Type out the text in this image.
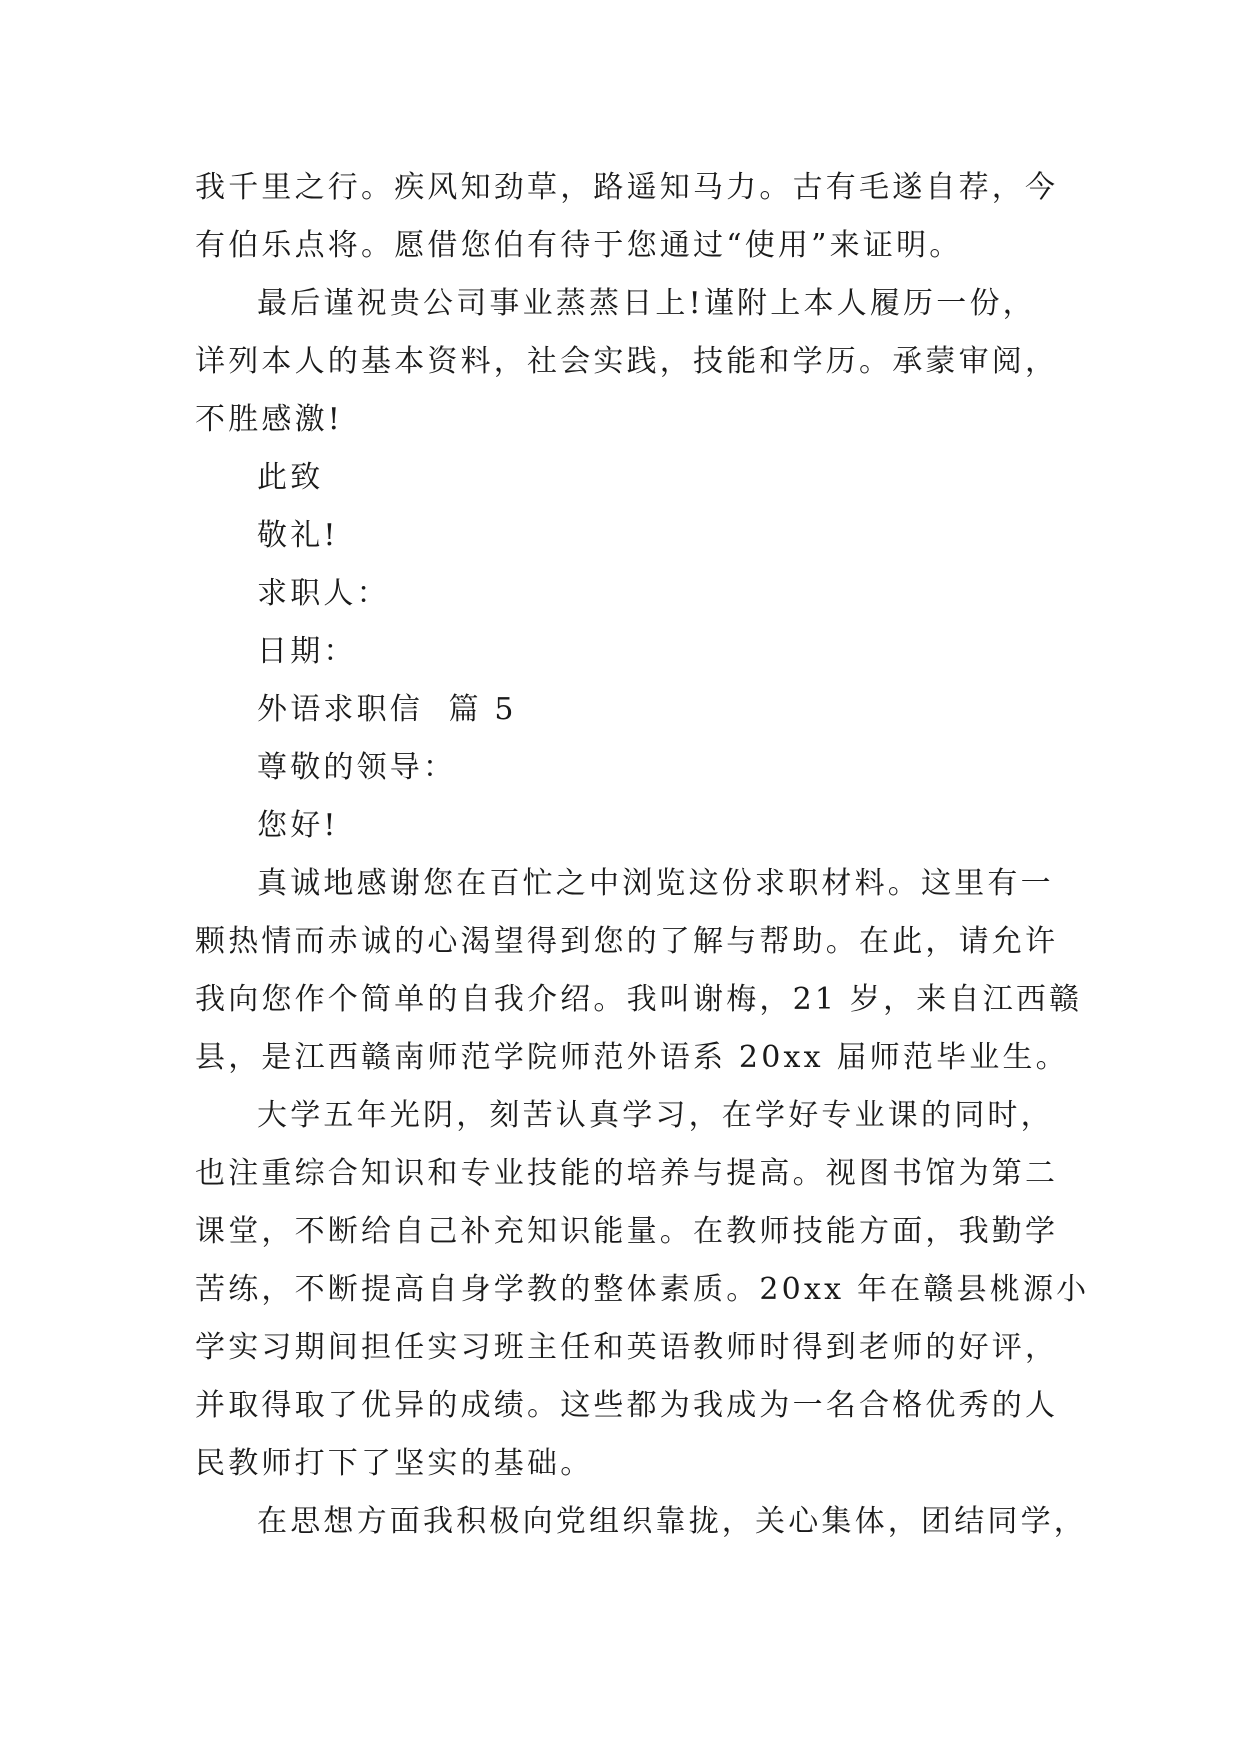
我千里之行。疾风知劲草，路遥知马力。古有毛遂自荐，今
有伯乐点将。愿借您伯有待于您通过“使用”来证明。
最后谨祝贵公司事业蒸蒸日上!谨附上本人履历一份，
详列本人的基本资料，社会实践，技能和学历。承蒙审阅，
不胜感激!
此致
敬礼!
求职人：
日期：
外语求职信  篇 5
尊敬的领导：
您好!
真诚地感谢您在百忙之中浏览这份求职材料。这里有一
颗热情而赤诚的心渴望得到您的了解与帮助。在此，请允许
我向您作个简单的自我介绍。我叫谢梅，21 岁，来自江西赣
县，是江西赣南师范学院师范外语系 20xx 届师范毕业生。
大学五年光阴，刻苦认真学习，在学好专业课的同时，
也注重综合知识和专业技能的培养与提高。视图书馆为第二
课堂，不断给自己补充知识能量。在教师技能方面，我勤学
苦练，不断提高自身学教的整体素质。20xx 年在赣县桃源小
学实习期间担任实习班主任和英语教师时得到老师的好评，
并取得取了优异的成绩。这些都为我成为一名合格优秀的人
民教师打下了坚实的基础。
在思想方面我积极向党组织靠拢，关心集体，团结同学，
